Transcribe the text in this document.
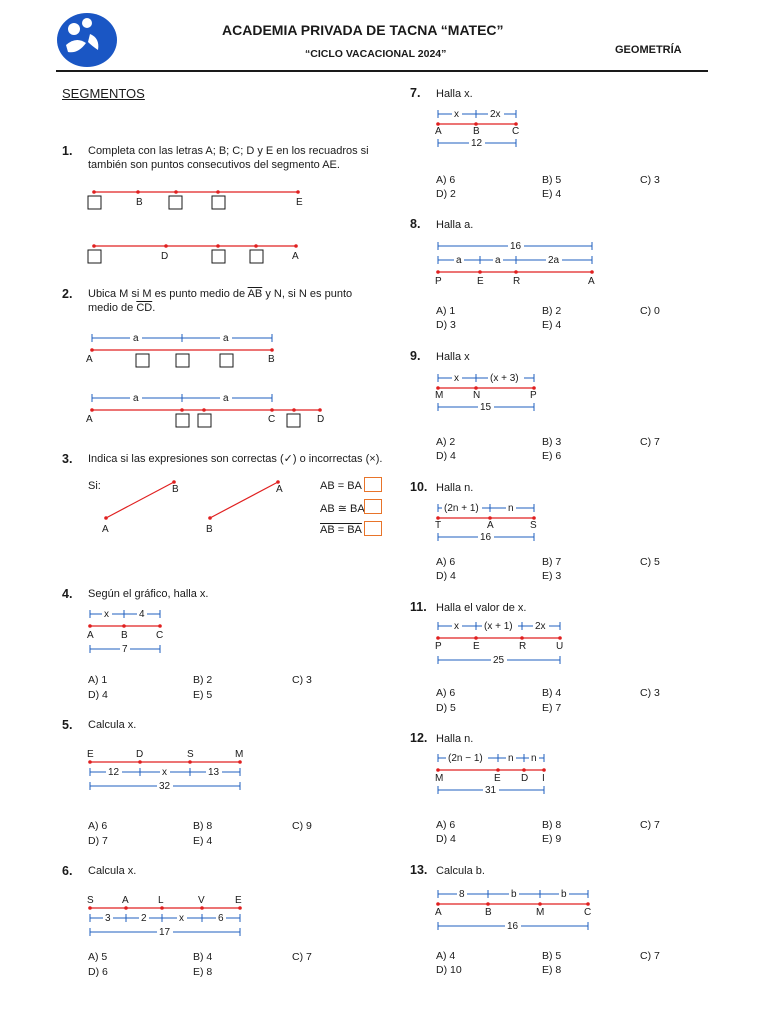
ACADEMIA PRIVADA DE TACNA “MATEC”
“CICLO VACACIONAL 2024”	GEOMETRÍA
SEGMENTOS
1. Completa con las letras A; B; C; D y E en los recuadros si también son puntos consecutivos del segmento AE.
B	E
D	A
2. Ubica M si M es punto medio de $\overline{AB}$ y N, si N es punto medio de $\overline{CD}$.
a	a
A	B
a	a
A	C	D
3. Indica si las expresiones son correctas (✓) o incorrectas (×).
Si:	B
A
A
B
AB = BA
AB ≅ BA
AB = BA
4. Según el gráfico, halla x.
x	4
A	B	C
7
A) 1	B) 2	C) 3
D) 4	E) 5
5. Calcula x.
E	D	S	M
12	x	13
32
A) 6	B) 8	C) 9
D) 7	E) 4
6. Calcula x.
S	A	L	V	E
3	2	x	6
17
A) 5	B) 4	C) 7
D) 6	E) 8
7. Halla x.
x	2x
A	B	C
12
A) 6	B) 5	C) 3
D) 2	E) 4
8. Halla a.
16
a	a	2a
P	E	R	A
A) 1	B) 2	C) 0
D) 3	E) 4
9. Halla x
x	(x + 3)
M	N	P
15
A) 2	B) 3	C) 7
D) 4	E) 6
10. Halla n.
(2n + 1)	n
T	A	S
16
A) 6	B) 7	C) 5
D) 4	E) 3
11. Halla el valor de x.
x	(x + 1) 2x
P	E	R	U
25
A) 6	B) 4	C) 3
D) 5	E) 7
12. Halla n.
(2n − 1)	n n
M	E D I
31
A) 6	B) 8	C) 7
D) 4	E) 9
13. Calcula b.
8	b	b
A	B	M	C
16
A) 4	B) 5	C) 7
D) 10	E) 8
